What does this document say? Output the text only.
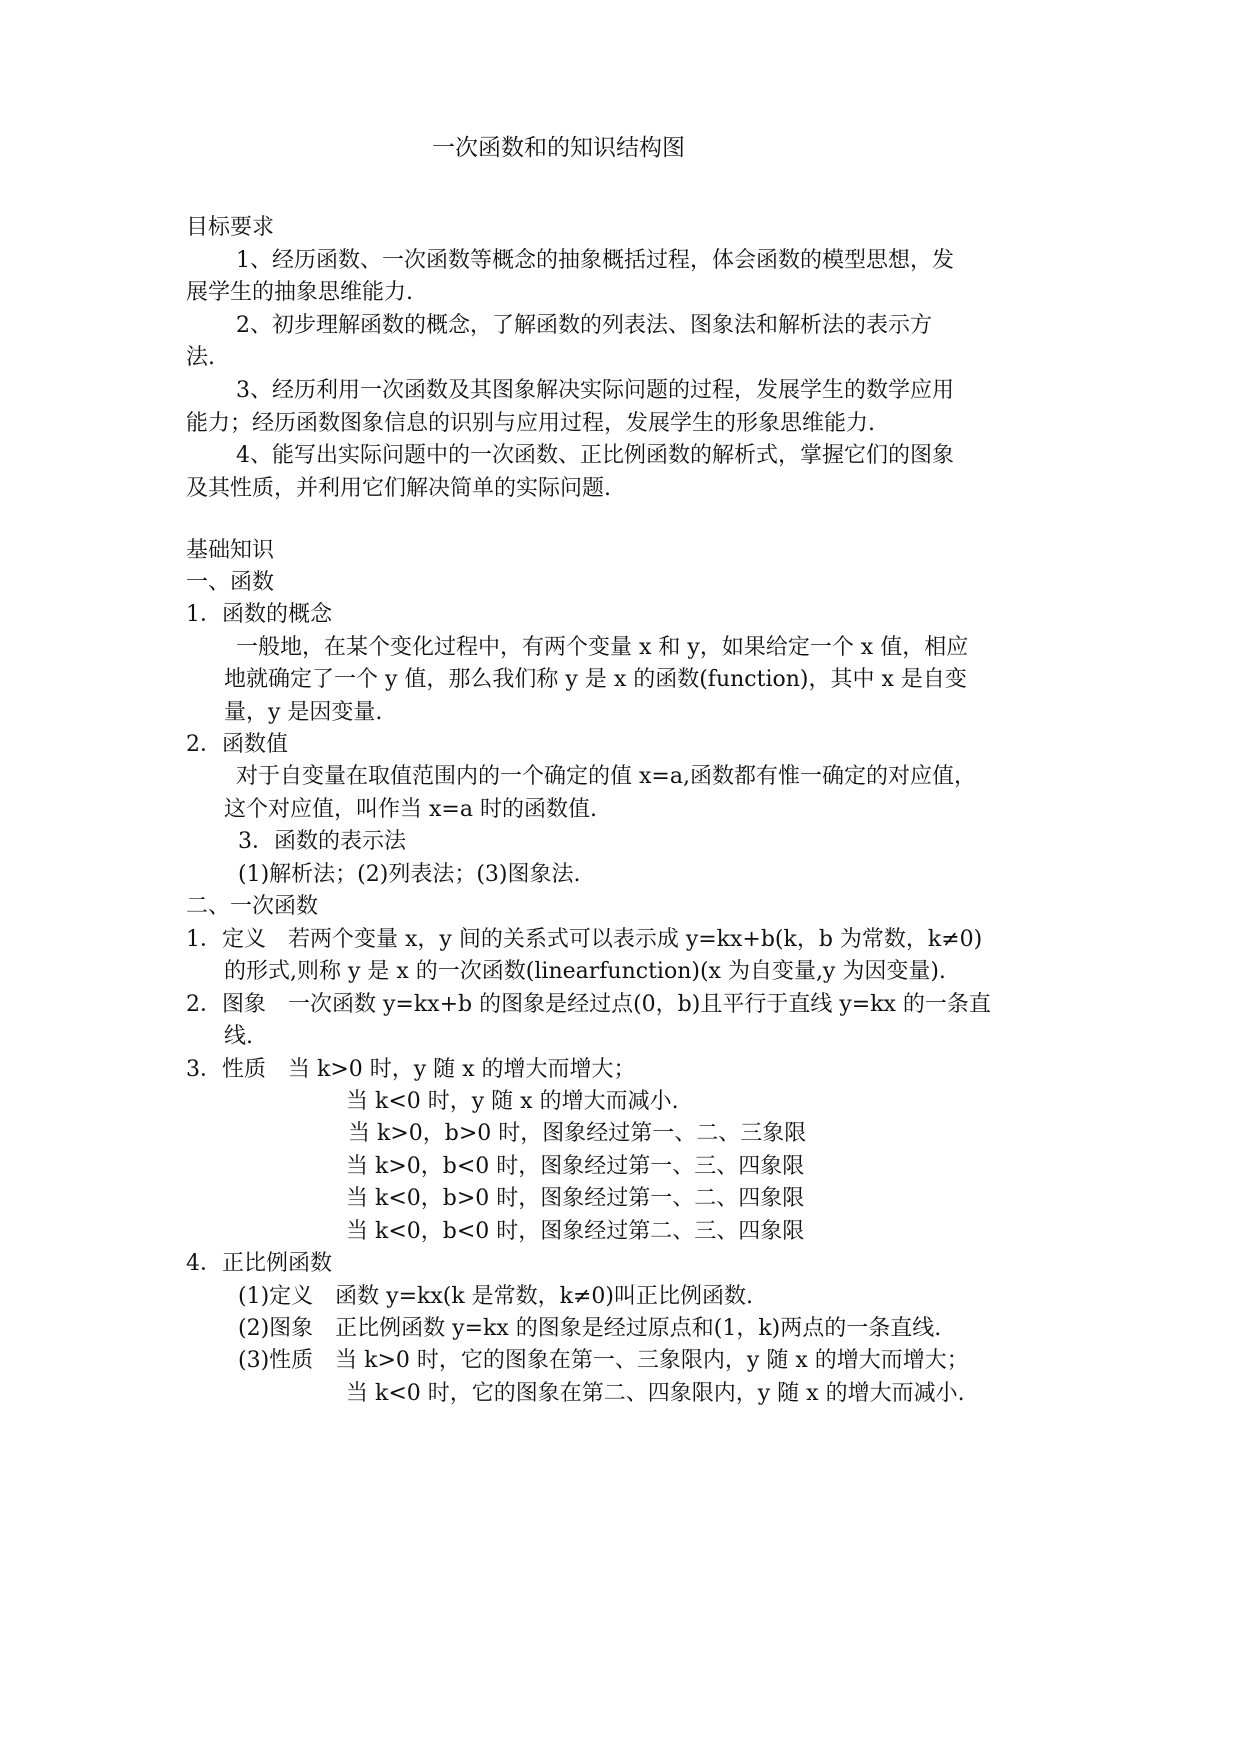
一次函数和的知识结构图
目标要求
1、经历函数、一次函数等概念的抽象概括过程，体会函数的模型思想，发
展学生的抽象思维能力.
2、初步理解函数的概念，了解函数的列表法、图象法和解析法的表示方
法.
3、经历利用一次函数及其图象解决实际问题的过程，发展学生的数学应用
能力；经历函数图象信息的识别与应用过程，发展学生的形象思维能力.
4、能写出实际问题中的一次函数、正比例函数的解析式，掌握它们的图象
及其性质，并利用它们解决简单的实际问题.
基础知识
一、函数
1．函数的概念
一般地，在某个变化过程中，有两个变量 x 和 y，如果给定一个 x 值，相应
地就确定了一个 y 值，那么我们称 y 是 x 的函数(function)，其中 x 是自变
量，y 是因变量.
2．函数值
对于自变量在取值范围内的一个确定的值 x=a,函数都有惟一确定的对应值，
这个对应值，叫作当 x=a 时的函数值.
3．函数的表示法
(1)解析法；(2)列表法；(3)图象法.
二、一次函数
1．定义　若两个变量 x，y 间的关系式可以表示成 y=kx+b(k，b 为常数，k≠0)
的形式,则称 y 是 x 的一次函数(linearfunction)(x 为自变量,y 为因变量).
2．图象　一次函数 y=kx+b 的图象是经过点(0，b)且平行于直线 y=kx 的一条直
线.
3．性质　当 k>0 时，y 随 x 的增大而增大；
当 k<0 时，y 随 x 的增大而减小.
当 k>0，b>0 时，图象经过第一、二、三象限
当 k>0，b<0 时，图象经过第一、三、四象限
当 k<0，b>0 时，图象经过第一、二、四象限
当 k<0，b<0 时，图象经过第二、三、四象限
4．正比例函数
(1)定义　函数 y=kx(k 是常数，k≠0)叫正比例函数.
(2)图象　正比例函数 y=kx 的图象是经过原点和(1，k)两点的一条直线.
(3)性质　当 k>0 时，它的图象在第一、三象限内，y 随 x 的增大而增大；
当 k<0 时，它的图象在第二、四象限内，y 随 x 的增大而减小.
